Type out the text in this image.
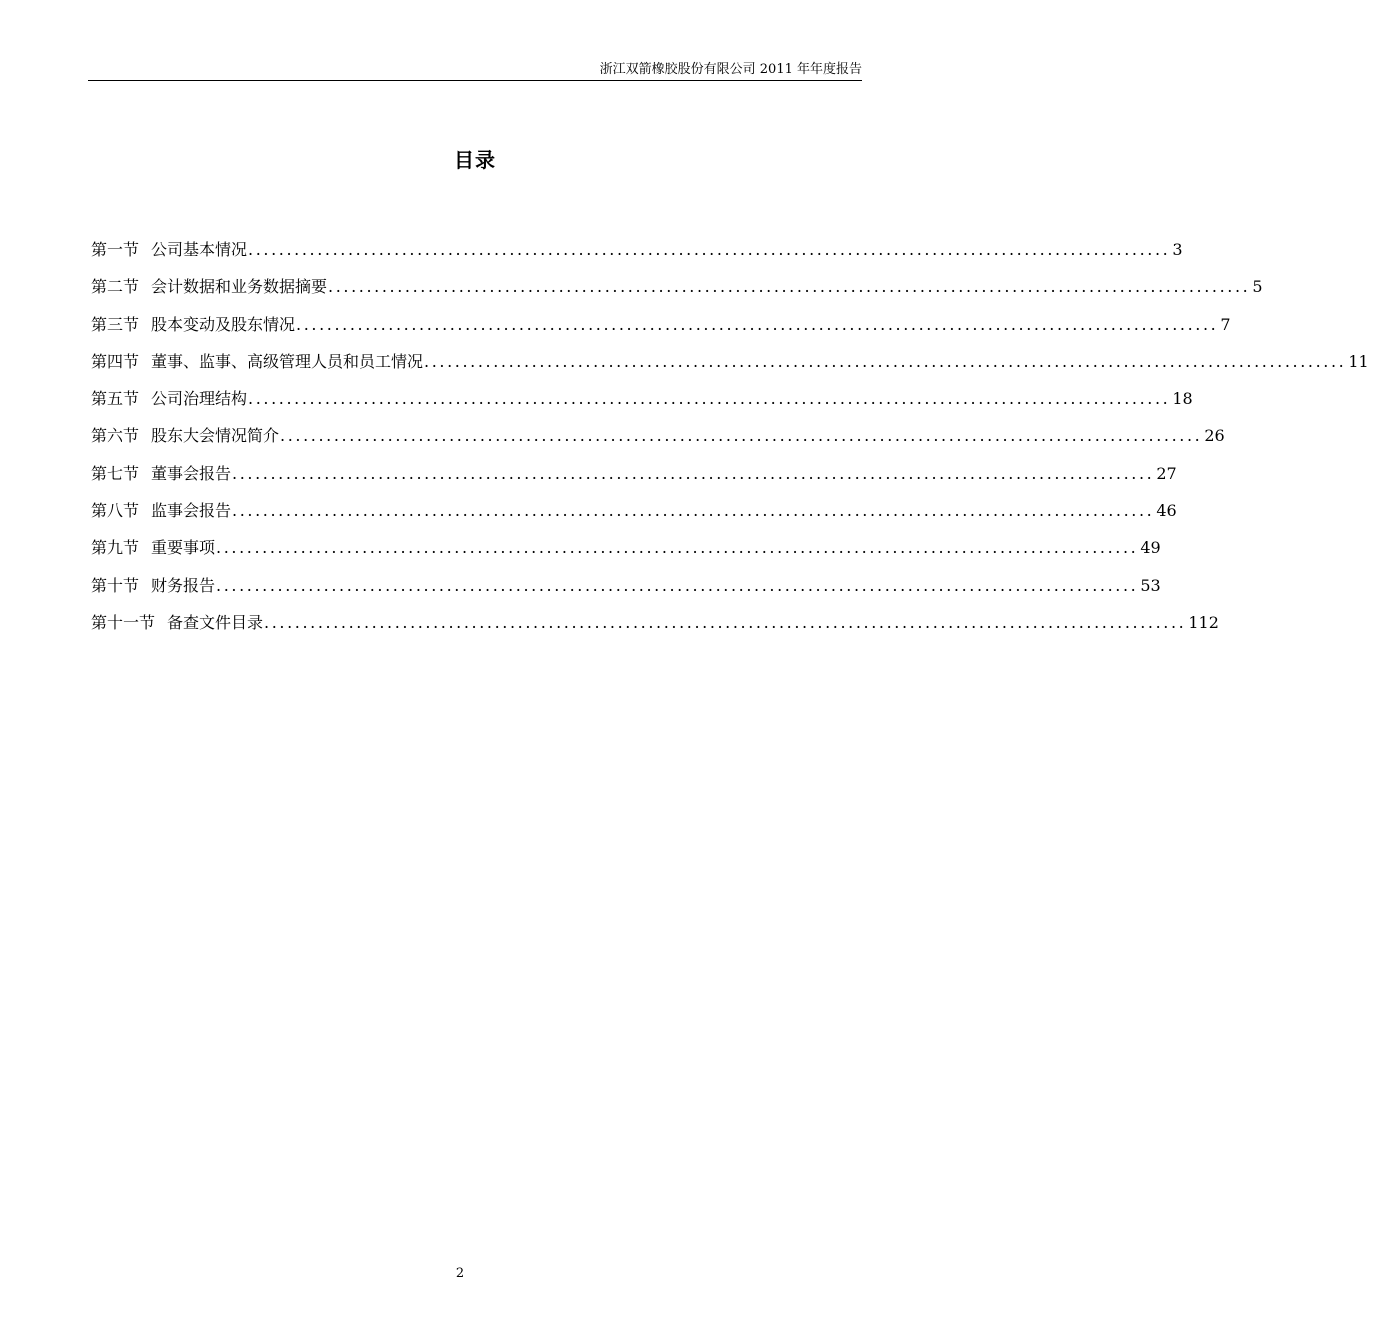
浙江双箭橡胶股份有限公司 2011 年年度报告
目录
第一节 公司基本情况 ........................................................................................................................ 3
第二节 会计数据和业务数据摘要 ........................................................................................................................ 5
第三节 股本变动及股东情况 ........................................................................................................................ 7
第四节 董事、监事、高级管理人员和员工情况 ........................................................................................................................ 11
第五节 公司治理结构 ........................................................................................................................ 18
第六节 股东大会情况简介 ........................................................................................................................ 26
第七节 董事会报告 ........................................................................................................................ 27
第八节 监事会报告 ........................................................................................................................ 46
第九节 重要事项 ........................................................................................................................ 49
第十节 财务报告 ........................................................................................................................ 53
第十一节 备查文件目录 ........................................................................................................................ 112
2
